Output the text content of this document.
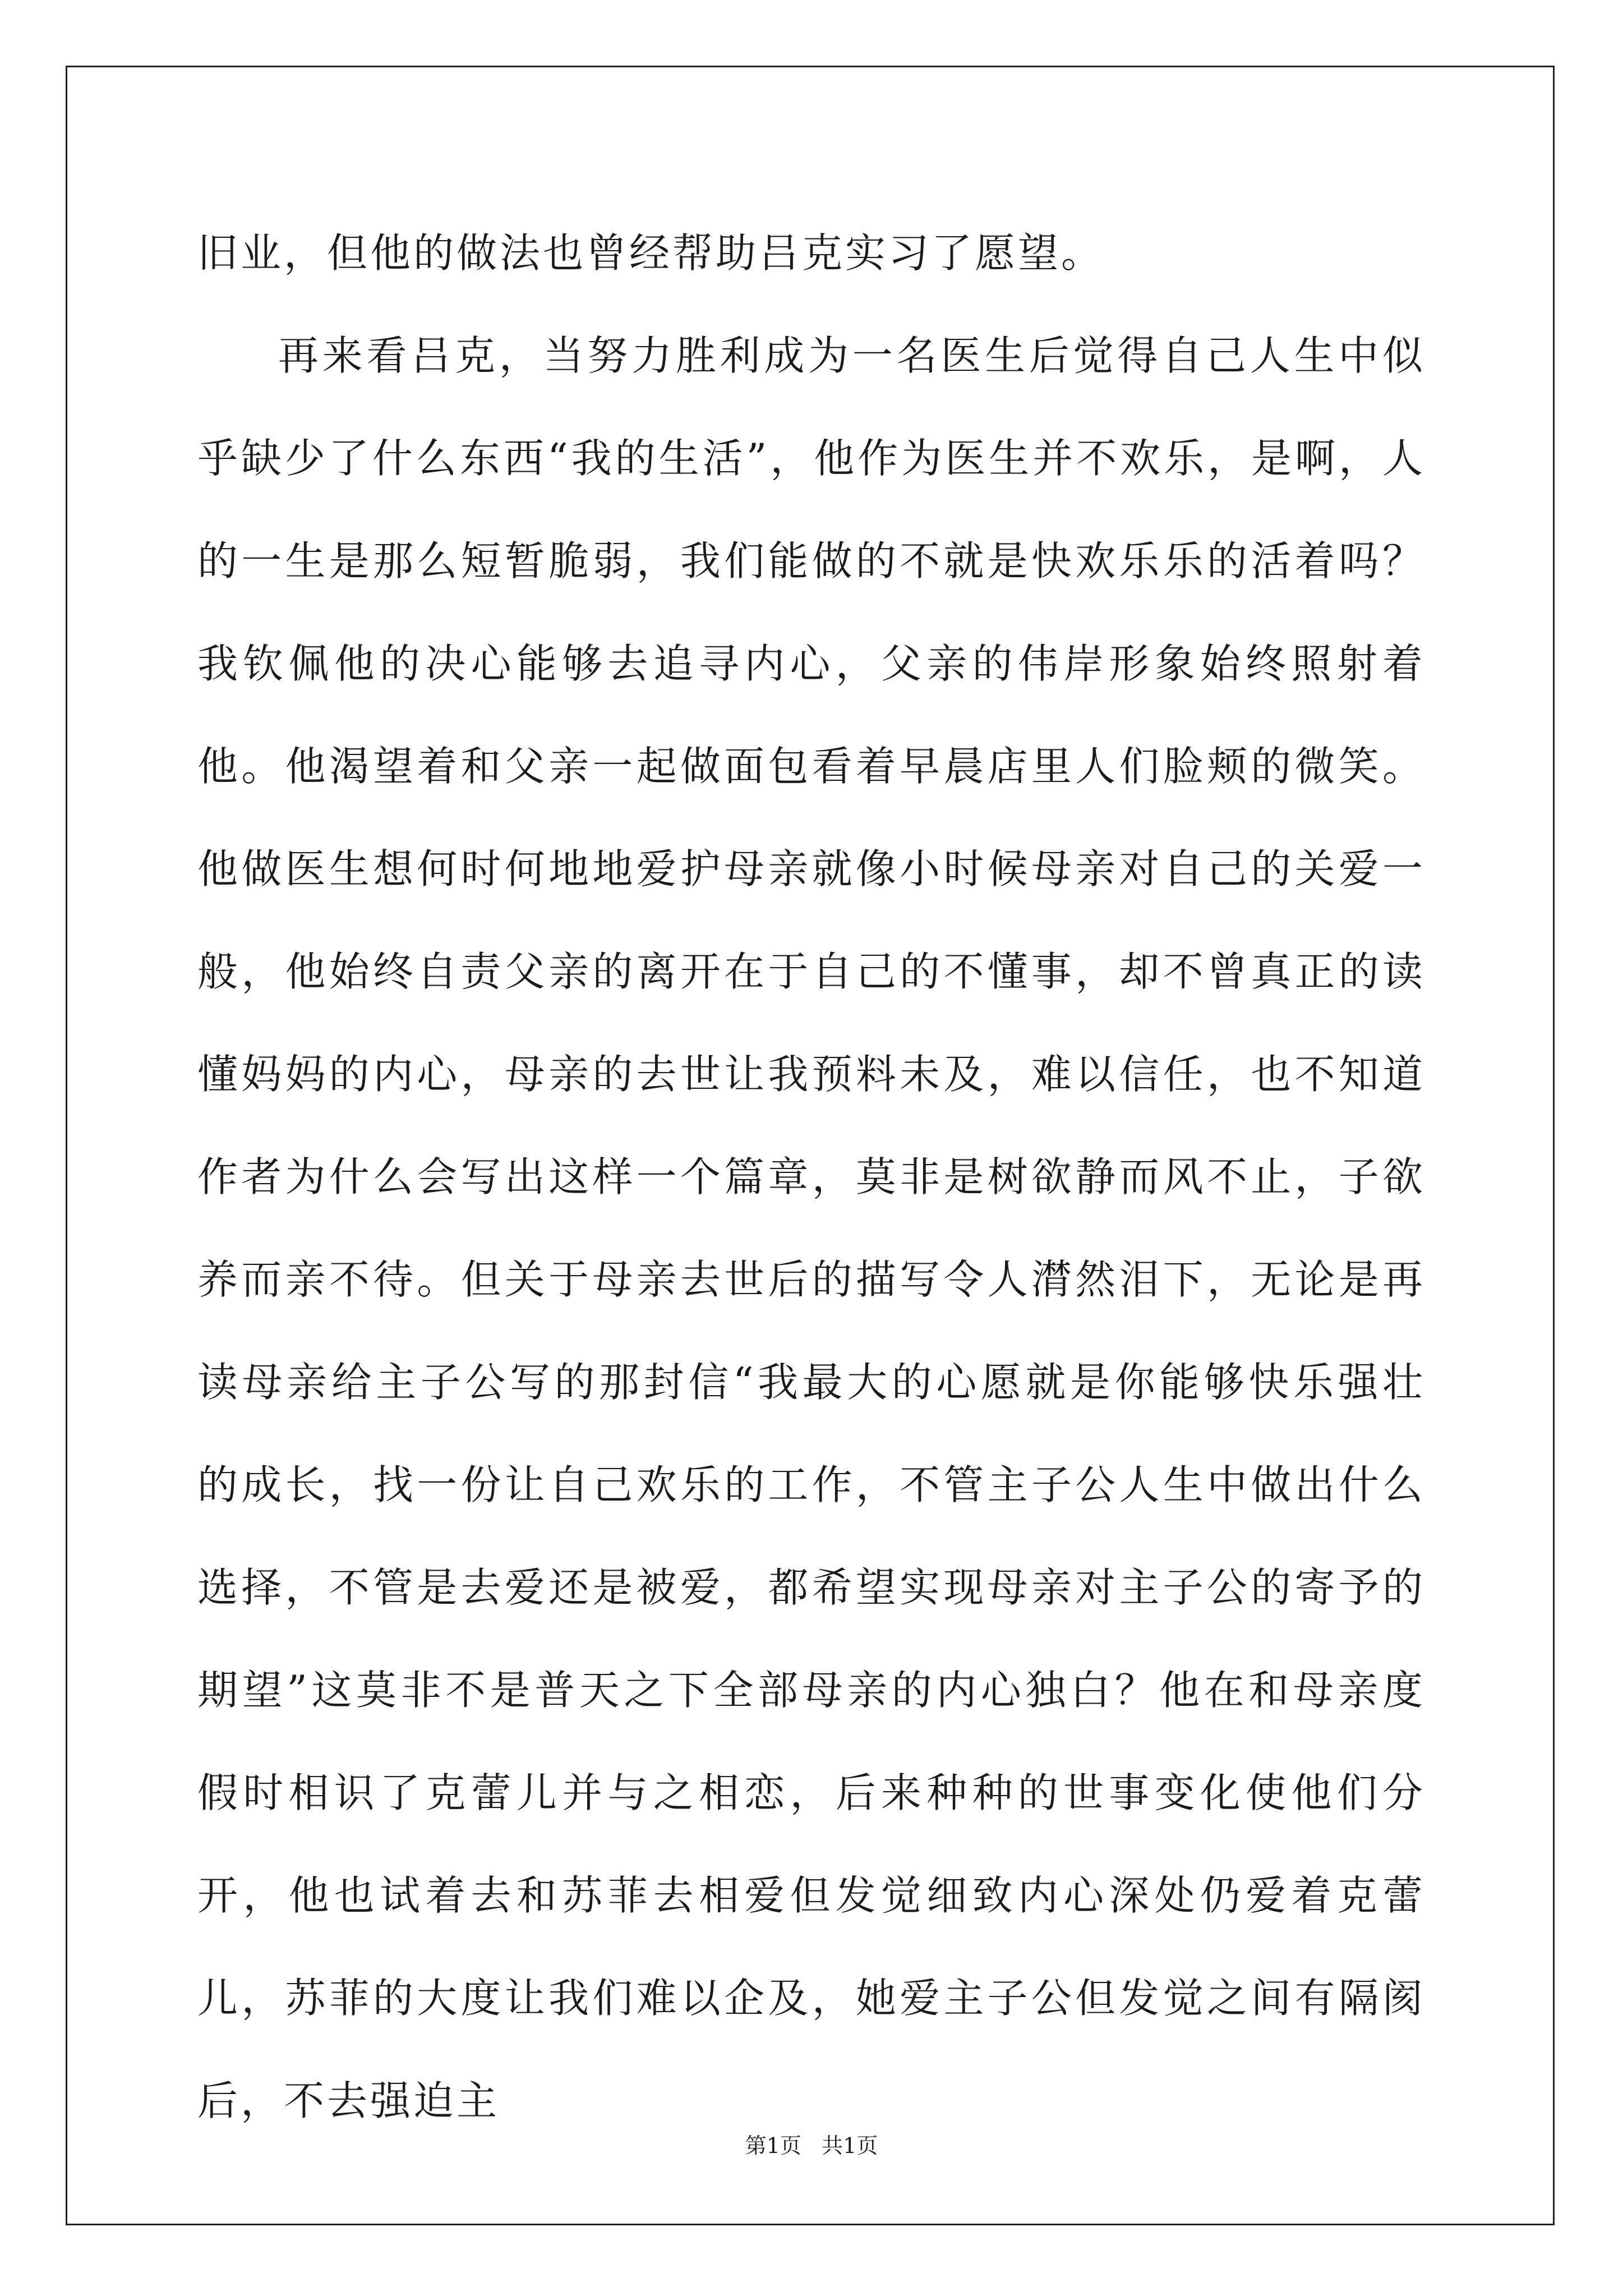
旧业，但他的做法也曾经帮助吕克实习了愿望。

再来看吕克，当努力胜利成为一名医生后觉得自己人生中似乎缺少了什么东西“我的生活”，他作为医生并不欢乐，是啊，人的一生是那么短暂脆弱，我们能做的不就是快欢乐乐的活着吗？我钦佩他的决心能够去追寻内心，父亲的伟岸形象始终照射着他。他渴望着和父亲一起做面包看着早晨店里人们脸颊的微笑。他做医生想何时何地地爱护母亲就像小时候母亲对自己的关爱一般，他始终自责父亲的离开在于自己的不懂事，却不曾真正的读懂妈妈的内心，母亲的去世让我预料未及，难以信任，也不知道作者为什么会写出这样一个篇章，莫非是树欲静而风不止，子欲养而亲不待。但关于母亲去世后的描写令人潸然泪下，无论是再读母亲给主子公写的那封信“我最大的心愿就是你能够快乐强壮的成长，找一份让自己欢乐的工作，不管主子公人生中做出什么选择，不管是去爱还是被爱，都希望实现母亲对主子公的寄予的期望”这莫非不是普天之下全部母亲的内心独白？他在和母亲度假时相识了克蕾儿并与之相恋，后来种种的世事变化使他们分开，他也试着去和苏菲去相爱但发觉细致内心深处仍爱着克蕾儿，苏菲的大度让我们难以企及，她爱主子公但发觉之间有隔阂后，不去强迫主

第1页   共1页
